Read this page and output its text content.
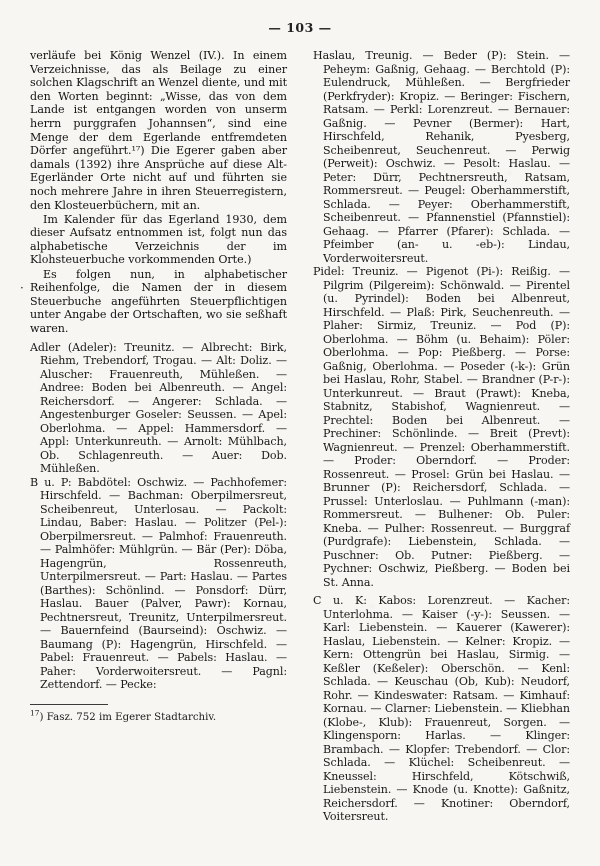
— 103 —
·

verläufe bei König Wenzel (IV.). In einem Verzeichnisse, das als Beilage zu einer solchen Klagschrift an Wenzel diente, und mit den Worten beginnt: „Wisse, das von dem Lande ist entgangen worden von unserm herrn purggrafen Johannsen“, sind eine Menge der dem Egerlande entfremdeten Dörfer angeführt.¹⁷) Die Egerer gaben aber damals (1392) ihre Ansprüche auf diese Alt-Egerländer Orte nicht auf und führten sie noch mehrere Jahre in ihren Steuerregistern, den Klosteuerbüchern, mit an.

Im Kalender für das Egerland 1930, dem dieser Aufsatz entnommen ist, folgt nun das alphabetische Verzeichnis der im Klohsteuerbuche vorkommenden Orte.)

Es folgen nun, in alphabetischer Reihenfolge, die Namen der in diesem Steuerbuche angeführten Steuerpflichtigen unter Angabe der Ortschaften, wo sie seßhaft waren.

Adler (Adeler): Treunitz. — Albrecht: Birk, Riehm, Trebendorf, Trogau. — Alt: Doliz. — Aluscher: Frauenreuth, Mühleßen. — Andree: Boden bei Albenreuth. — Angel: Reichersdorf. — Angerer: Schlada. — Angestenburger Goseler: Seussen. — Apel: Oberlohma. — Appel: Hammersdorf. — Appl: Unterkunreuth. — Arnolt: Mühlbach, Ob. Schlagenreuth. — Auer: Dob. Mühleßen.

B u. P: Babdötel: Oschwiz. — Pachhofemer: Hirschfeld. — Bachman: Oberpilmersreut, Scheibenreut, Unterlosau. — Packolt: Lindau, Baber: Haslau. — Politzer (Pel-): Oberpilmersreut. — Palmhof: Frauenreuth. — Palmhöfer: Mühlgrün. — Bär (Per): Döba, Hagengrün, Rossenreuth, Unterpilmersreut. — Part: Haslau. — Partes (Barthes): Schönlind. — Ponsdorf: Dürr, Haslau. Bauer (Palver, Pawr): Kornau, Pechtnersreut, Treunitz, Unterpilmersreut. — Bauernfeind (Baurseind): Oschwiz. — Baumang (P): Hagengrün, Hirschfeld. — Pabel: Frauenreut. — Pabels: Haslau. — Paher: Vorderwoitersreut. — Pagnl: Zettendorf. — Pecke:

$^{17}$) Fasz. 752 im Egerer Stadtarchiv.

Haslau, Treunig. — Beder (P): Stein. — Peheym: Gaßnig, Gehaag. — Berchtold (P): Eulendruck, Mühleßen. — Bergfrieder (Perkfryder): Kropiz. — Beringer: Fischern, Ratsam. — Perkl: Lorenzreut. — Bernauer: Gaßnig. — Pevner (Bermer): Hart, Hirschfeld, Rehanik, Pyesberg, Scheibenreut, Seuchenreut. — Perwig (Perweit): Oschwiz. — Pesolt: Haslau. — Peter: Dürr, Pechtnersreuth, Ratsam, Rommersreut. — Peugel: Oberhammerstift, Schlada. — Peyer: Oberhammerstift, Scheibenreut. — Pfannenstiel (Pfannstiel): Gehaag. — Pfarrer (Pfarer): Schlada. — Pfeimber (an- u. -eb-): Lindau, Vorderwoitersreut.

Pidel: Treuniz. — Pigenot (Pi-): Reißig. — Pilgrim (Pilgereim): Schönwald. — Pirentel (u. Pyrindel): Boden bei Albenreut, Hirschfeld. — Plaß: Pirk, Seuchenreuth. — Plaher: Sirmiz, Treuniz. — Pod (P): Oberlohma. — Böhm (u. Behaim): Pöler: Oberlohma. — Pop: Pießberg. — Porse: Gaßnig, Oberlohma. — Poseder (-k-): Grün bei Haslau, Rohr, Stabel. — Brandner (P-r-): Unterkunreut. — Braut (Prawt): Kneba, Stabnitz, Stabishof, Wagnienreut. — Prechtel: Boden bei Albenreut. — Prechiner: Schönlinde. — Breit (Prevt): Wagnienreut. — Prenzel: Oberhammerstift. — Proder: Oberndorf. — Proder: Rossenreut. — Prosel: Grün bei Haslau. — Brunner (P): Reichersdorf, Schlada. — Prussel: Unterloslau. — Puhlmann (-man): Rommersreut. — Bulhener: Ob. Puler: Kneba. — Pulher: Rossenreut. — Burggraf (Purdgrafe): Liebenstein, Schlada. — Puschner: Ob. Putner: Pießberg. — Pychner: Oschwiz, Pießberg. — Boden bei St. Anna.

C u. K: Kabos: Lorenzreut. — Kacher: Unterlohma. — Kaiser (-y-): Seussen. — Karl: Liebenstein. — Kauerer (Kawerer): Haslau, Liebenstein. — Kelner: Kropiz. — Kern: Ottengrün bei Haslau, Sirmig. — Keßler (Keßeler): Oberschön. — Kenl: Schlada. — Keuschau (Ob, Kub): Neudorf, Rohr. — Kindeswater: Ratsam. — Kimhauf: Kornau. — Clarner: Liebenstein. — Kliebhan (Klobe-, Klub): Frauenreut, Sorgen. — Klingensporn: Harlas. — Klinger: Brambach. — Klopfer: Trebendorf. — Clor: Schlada. — Klüchel: Scheibenreut. — Kneussel: Hirschfeld, Kötschwiß, Liebenstein. — Knode (u. Knotte): Gaßnitz, Reichersdorf. — Knotiner: Oberndorf, Voitersreut.
